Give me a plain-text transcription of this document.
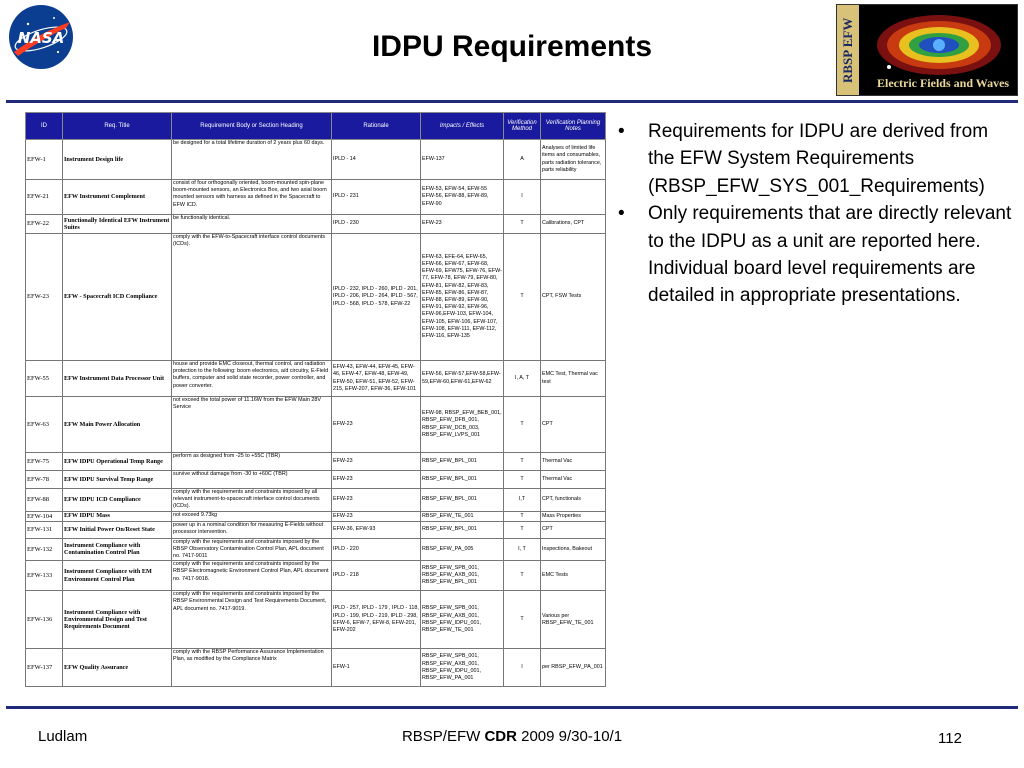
NASA	IDPU Requirements	RBSP EFW
Electric Fields and Waves
ID	Req. Title	Requirement Body or Section Heading	Rationale	Impacts / Effects	Verification Method	Verification Planning Notes
EFW-1	Instrument Design life	be designed for a total lifetime duration of 2 years plus 60 days.	IPLD - 14	EFW-137	A	Analyses of limited life items and consumables, parts radiation tolerance, parts reliability
EFW-21	EFW Instrument Complement	consist of four orthogonally oriented, boom-mounted spin-plane boom-mounted sensors, an Electronics Box, and two axial boom mounted sensors with harness as defined in the Spacecraft to EFW ICD.	IPLD - 231	EFW-53, EFW-54, EFW-55 EFW-56, EFW-88, EFW-89, EFW-90	I	
EFW-22	Functionally Identical EFW Instrument Suites	be functionally identical.	IPLD - 230	EFW-23	T	Calibrations, CPT
EFW-23	EFW - Spacecraft ICD Compliance	comply with the EFW-to-Spacecraft interface control documents (ICDs).	IPLD - 232, IPLD - 260, IPLD - 201, IPLD - 206, IPLD - 264, IPLD - 567, IPLD - 568, IPLD - 578, EFW-22	EFW-63, EFE-64, EFW-65, EFW-66, EFW-67, EFW-68, EFW-69, EFW75, EFW-76, EFW-77, EFW-78, EFW-79, EFW-80, EFW-81, EFW-82, EFW-83, EFW-85, EFW-86, EFW-87, EFW-88, EFW-89, EFW-90, EFW-91, EFW-92, EFW-96, EFW-96,EFW-103, EFW-104, EFW-105, EFW-106, EFW-107, EFW-108, EFW-111, EFW-112, EFW-116, EFW-135	T	CPT, FSW Tests
EFW-55	EFW Instrument Data Processor Unit	house and provide EMC closeout, thermal control, and radiation protection to the following: boom electronics, a/d circuitry, E-Field buffers, computer and solid state recorder, power controller, and power converter.	EFW-43, EFW-44, EFW-45, EFW-46, EFW-47, EFW-48, EFW-49, EFW-50, EFW-51, EFW-52, EFW-215, EFW-207, EFW-36, EFW-101	EFW-56, EFW-57,EFW-58,EFW-59,EFW-60,EFW-61,EFW-62	I, A, T	EMC Test, Thermal vac test
EFW-63	EFW Main Power Allocation	not exceed the total power of 11.16W from the EFW Main 28V Service	EFW-23	EFW-98, RBSP_EFW_BEB_001, RBSP_EFW_DFB_001, RBSP_EFW_DCB_003, RBSP_EFW_LVPS_001	T	CPT
EFW-75	EFW IDPU Operational Temp Range	perform as designed from -25 to +55C (TBR)	EFW-23	RBSP_EFW_BPL_001	T	Thermal Vac
EFW-78	EFW IDPU Survival Temp Range	survive without damage from -30 to +60C (TBR)	EFW-23	RBSP_EFW_BPL_001	T	Thermal Vac
EFW-88	EFW IDPU ICD Compliance	comply with the requirements and constraints imposed by all relevant instrument-to-spacecraft interface control documents (ICDs).	EFW-23	RBSP_EFW_BPL_001	I,T	CPT, functionals
EFW-104	EFW IDPU Mass	not exceed 9.73kg	EFW-23	RBSP_EFW_TE_001	T	Mass Properties
EFW-131	EFW Initial Power On/Reset State	power up in a nominal condition for measuring E-Fields without processor intervention.	EFW-36, EFW-93	RBSP_EFW_BPL_001	T	CPT
EFW-132	Instrument Compliance with Contamination Control Plan	comply with the requirements and constraints imposed by the RBSP Observatory Contamination Control Plan, APL document no. 7417-9011	IPLD - 220	RBSP_EFW_PA_005	I, T	Inspections, Bakeout
EFW-133	Instrument Compliance with EM Environment Control Plan	comply with the requirements and constraints imposed by the RBSP Electromagnetic Environment Control Plan, APL document no. 7417-9018.	IPLD - 218	RBSP_EFW_SPB_001, RBSP_EFW_AXB_001, RBSP_EFW_BPL_001	T	EMC Tests
EFW-136	Instrument Compliance with Environmental Design and Test Requirements Document	comply with the requirements and constraints imposed by the RBSP Environmental Design and Test Requirements Document, APL document no. 7417-9019.	IPLD - 257, IPLD - 179 , IPLD - 118, IPLD - 199, IPLD - 219, IPLD - 298, EFW-6, EFW-7, EFW-8, EFW-201, EFW-202	RBSP_EFW_SPB_001, RBSP_EFW_AXB_001, RBSP_EFW_IDPU_001, RBSP_EFW_TE_001	T	Various per RBSP_EFW_TE_001
EFW-137	EFW Quality Assurance	comply with the RBSP Performance Assurance Implementation Plan, as modified by the Compliance Matrix	EFW-1	RBSP_EFW_SPB_001, RBSP_EFW_AXB_001, RBSP_EFW_IDPU_001, RBSP_EFW_PA_001	I	per RBSP_EFW_PA_001
•	Requirements for IDPU are derived from the EFW System Requirements (RBSP_EFW_SYS_001_Requirements)
•	Only requirements that are directly relevant to the IDPU as a unit are reported here. Individual board level requirements are detailed in appropriate presentations.
Ludlam	RBSP/EFW CDR 2009 9/30-10/1	112
